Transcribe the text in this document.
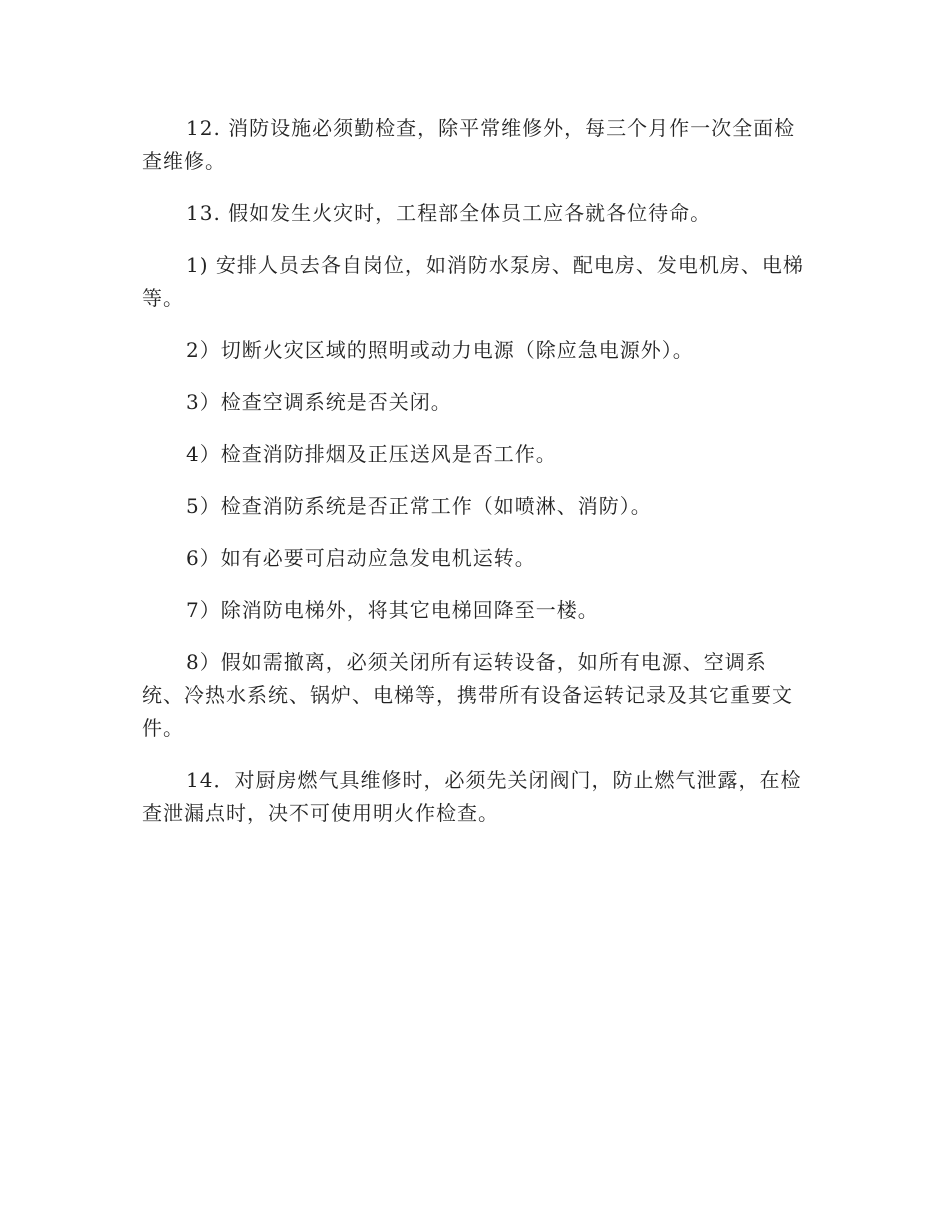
12. 消防设施必须勤检查，除平常维修外，每三个月作一次全面检查维修。

13. 假如发生火灾时，工程部全体员工应各就各位待命。

1) 安排人员去各自岗位，如消防水泵房、配电房、发电机房、电梯等。

2）切断火灾区域的照明或动力电源（除应急电源外）。

3）检查空调系统是否关闭。

4）检查消防排烟及正压送风是否工作。

5）检查消防系统是否正常工作（如喷淋、消防）。

6）如有必要可启动应急发电机运转。

7）除消防电梯外，将其它电梯回降至一楼。

8）假如需撤离，必须关闭所有运转设备，如所有电源、空调系统、冷热水系统、锅炉、电梯等，携带所有设备运转记录及其它重要文件。

14．对厨房燃气具维修时，必须先关闭阀门，防止燃气泄露，在检查泄漏点时，决不可使用明火作检查。
